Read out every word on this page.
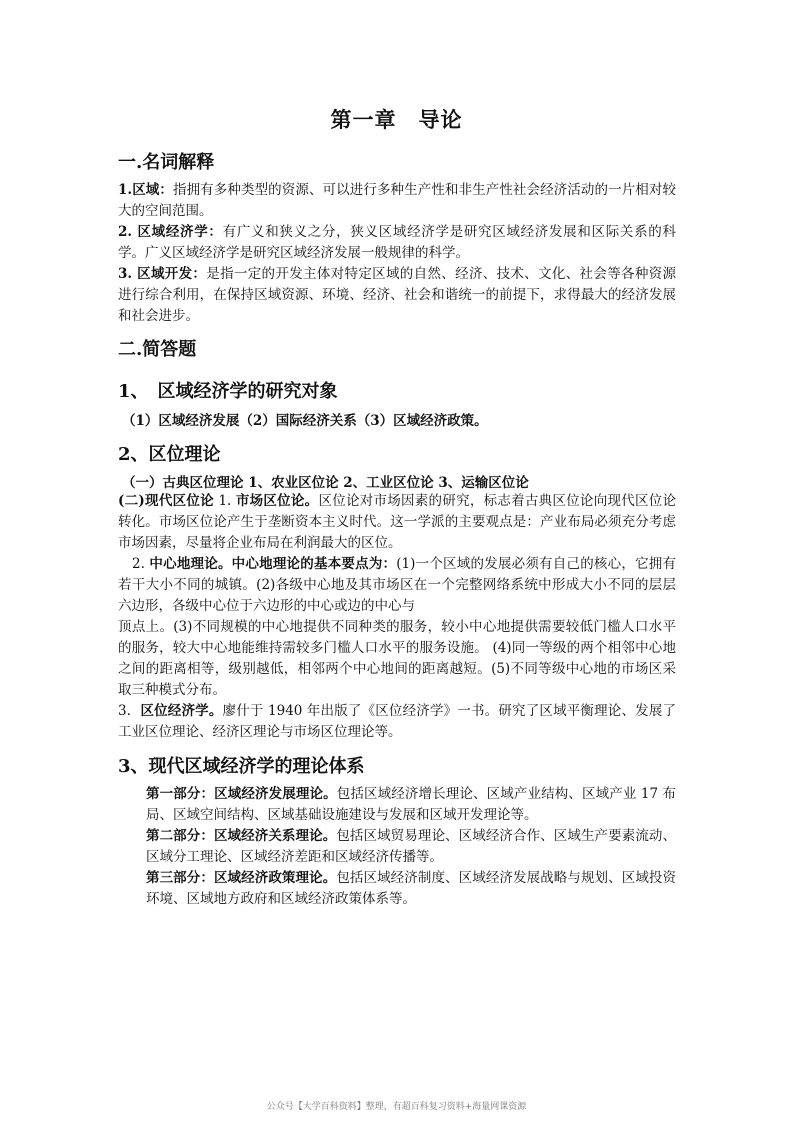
第一章 导论
一.名词解释

1.区域：指拥有多种类型的资源、可以进行多种生产性和非生产性社会经济活动的一片相对较大的空间范围。

2. 区域经济学：有广义和狭义之分，狭义区域经济学是研究区域经济发展和区际关系的科学。广义区域经济学是研究区域经济发展一般规律的科学。

3. 区域开发：是指一定的开发主体对特定区域的自然、经济、技术、文化、社会等各种资源进行综合利用，在保持区域资源、环境、经济、社会和谐统一的前提下，求得最大的经济发展和社会进步。

二.简答题
1、　区域经济学的研究对象
（1）区域经济发展（2）国际经济关系（3）区域经济政策。
2、区位理论
（一）古典区位理论 1、农业区位论 2、工业区位论 3、运输区位论

(二)现代区位论 1. 市场区位论。区位论对市场因素的研究，标志着古典区位论向现代区位论转化。市场区位论产生于垄断资本主义时代。这一学派的主要观点是：产业布局必须充分考虑市场因素，尽量将企业布局在利润最大的区位。

2. 中心地理论。中心地理论的基本要点为：(1)一个区域的发展必须有自己的核心，它拥有若干大小不同的城镇。(2)各级中心地及其市场区在一个完整网络系统中形成大小不同的层层六边形，各级中心位于六边形的中心或边的中心与

顶点上。(3)不同规模的中心地提供不同种类的服务，较小中心地提供需要较低门槛人口水平的服务，较大中心地能维持需较多门槛人口水平的服务设施。 (4)同一等级的两个相邻中心地之间的距离相等，级别越低，相邻两个中心地间的距离越短。(5)不同等级中心地的市场区采取三种模式分布。

3．区位经济学。廖什于 1940 年出版了《区位经济学》一书。研究了区域平衡理论、发展了工业区位理论、经济区理论与市场区位理论等。

3、现代区域经济学的理论体系

第一部分：区域经济发展理论。包括区域经济增长理论、区域产业结构、区域产业 17 布局、区域空间结构、区域基础设施建设与发展和区域开发理论等。

第二部分：区域经济关系理论。包括区域贸易理论、区域经济合作、区域生产要素流动、区域分工理论、区域经济差距和区域经济传播等。

第三部分：区域经济政策理论。包括区域经济制度、区域经济发展战略与规划、区域投资环境、区域地方政府和区域经济政策体系等。

公众号【大学百科资料】整理，有超百科复习资料+海量网课资源
